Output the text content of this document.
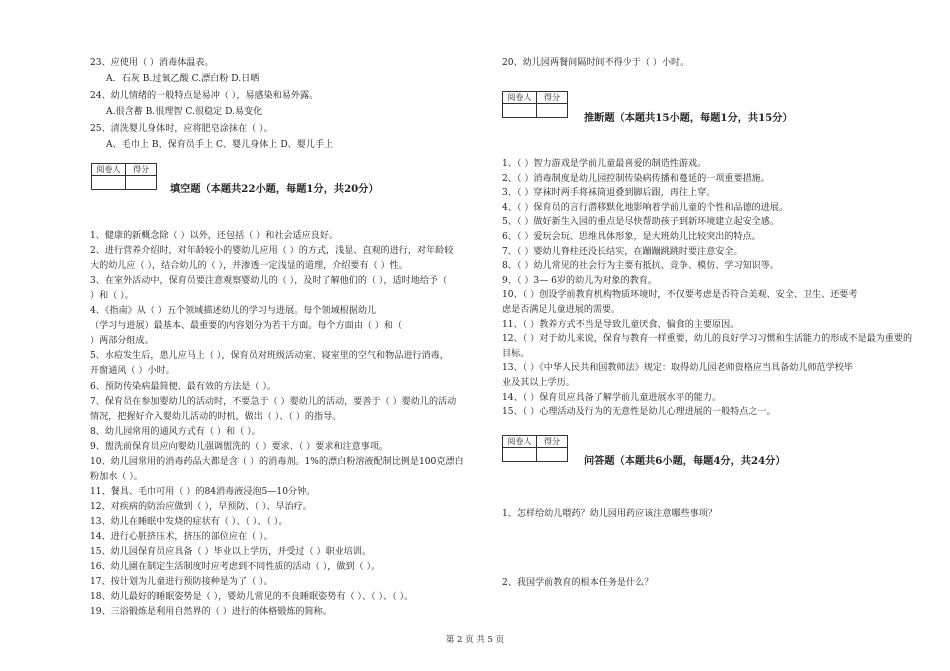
23、应使用（ ）消毒体温表。
A．石灰 B.过氧乙酸 C.漂白粉 D.日晒
24、幼儿情绪的一般特点是易冲（ ），易感染和易外露。
A.很含蓄 B.很理智 C.很稳定 D.易变化
25、清洗婴儿身体时，应将肥皂涂抹在（ ）。
A、毛巾上 B、保育员手上 C、婴儿身体上 D、婴儿手上
阅卷人	得分

填空题（本题共22小题，每题1分，共20分）
1、健康的新概念除（ ）以外，还包括（ ）和社会适应良好。
2、进行营养介绍时，对年龄较小的婴幼儿应用（ ）的方式，浅显、直观的进行，对年龄较
大的幼儿应（ ），结合幼儿的（ ），并渗透一定浅显的道理，介绍要有（ ）性。
3、在室外活动中，保育员要注意观察婴幼儿的（ ），及时了解他们的（ ），适时地给予（
）和（ ）。
4、《指南》从（ ）五个领域描述幼儿的学习与进展。每个领域根据幼儿
（学习与进展）最基本、最重要的内容划分为若干方面。每个方面由（ ）和（
）两部分组成。
5、水痘发生后，患儿应马上（ ），保育员对班级活动室、寝室里的空气和物品进行消毒，
开窗通风（ ）小时。
6、预防传染病最简便、最有效的方法是（ ）。
7、保育员在参加婴幼儿的活动时，不要急于（ ）婴幼儿的活动，要善于（ ）婴幼儿的活动
情况，把握好介入婴幼儿活动的时机，做出（ ）、（ ）的指导。
8、幼儿园常用的通风方式有（ ）和（ ）。
9、盥洗前保育员应向婴幼儿强调盥洗的（ ）要求、（ ）要求和注意事项。
10、幼儿园常用的消毒药品大都是含（ ）的消毒剂。1%的漂白粉溶液配制比例是100克漂白
粉加水（ ）。
11、餐具、毛巾可用（ ）的84消毒液浸泡5—10分钟。
12、对疾病的防治应做到（ ），早预防、（ ）、早治疗。
13、幼儿在睡眠中发烧的症状有（ ）、（ ）、（ ）。
14、进行心脏挤压术，挤压的部位应在（ ）。
15、幼儿园保育员应具备（ ）毕业以上学历，并受过（ ）职业培训。
16、幼儿園在制定生活制度时应考虑到不同性质的活动（ ），做到（ ）。
17、按计划为儿童进行预防接种是为了（ ）。
18、幼儿最好的睡眠姿势是（ ），婴幼儿常见的不良睡眠姿势有（ ）、（ ）、（ ）。
19、三浴锻炼是利用自然界的（ ）进行的体格锻炼的简称。
20、幼儿园两餐间隔时间不得少于（ ）小时。
阅卷人	得分

推断题（本题共15小题，每题1分，共15分）
1、（ ）智力游戏是学前儿童最喜爱的制造性游戏。
2、（ ）消毒制度是幼儿园控制传染病传播和蔓延的一项重要措施。
3、（ ）穿袜时两手将袜筒退叠到脚后跟，再往上穿。
4、（ ）保育员的言行潜移默化地影响着学前儿童的个性和品德的进展。
5、（ ）做好新生入园的重点是尽快帮助孩子到新环境建立起安全感。
6、（ ）爱玩会玩、思维具体形象，是大班幼儿比较突出的特点。
7、（ ）婴幼儿脊柱还没长结实，在蹦蹦跳跳时要注意安全。
8、（ ）幼儿常见的社会行为主要有抵抗、竞争、模仿、学习知识等。
9、（ ）3— 6岁的幼儿为对象的教育。
10、（ ）创设学前教育机构物质环境时，不仅要考虑是否符合美观、安全、卫生、还要考
虑是否满足儿童进展的需要。
11、（ ）教养方式不当是导致儿童厌食、偏食的主要原因。
12、（ ）对于幼儿来说，保育与教育一样重要，幼儿的良好学习习惯和生活能力的形成不是最为重要的
目标。
13、（ ）《中华人民共和国教师法》规定：取得幼儿园老师资格应当具备幼儿师范学校毕
业及其以上学历。
14、（ ）保育员应具备了解学前儿童进展水平的能力。
15、（ ）心理活动及行为的无意性是幼儿心理进展的一般特点之一。
阅卷人	得分

问答题（本题共6小题，每题4分，共24分）
1、怎样给幼儿喂药？幼儿园用药应该注意哪些事项？
2、我国学前教育的根本任务是什么？
第 2 页 共 5 页
